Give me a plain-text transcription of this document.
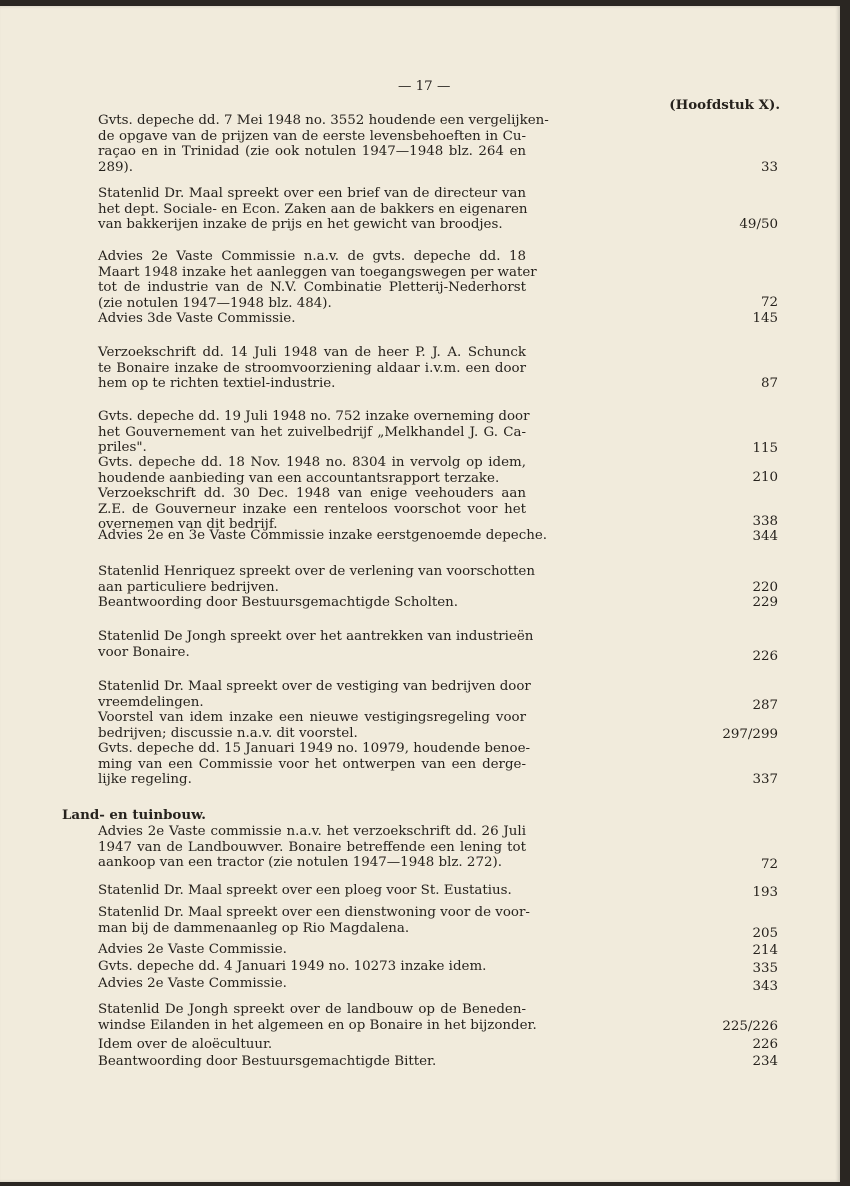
— 17 —
(Hoofdstuk X).
Gvts. depeche dd. 7 Mei 1948 no. 3552 houdende een vergelijken-
de opgave van de prijzen van de eerste levensbehoeften in Cu-
raçao en in Trinidad (zie ook notulen 1947—1948 blz. 264 en
289).	33
Statenlid Dr. Maal spreekt over een brief van de directeur van
het dept. Sociale- en Econ. Zaken aan de bakkers en eigenaren
van bakkerijen inzake de prijs en het gewicht van broodjes.	49/50
Advies 2e Vaste Commissie n.a.v. de gvts. depeche dd. 18
Maart 1948 inzake het aanleggen van toegangswegen per water
tot de industrie van de N.V. Combinatie Pletterij-Nederhorst
(zie notulen 1947—1948 blz. 484).	72
Advies 3de Vaste Commissie.	145
Verzoekschrift dd. 14 Juli 1948 van de heer P. J. A. Schunck
te Bonaire inzake de stroomvoorziening aldaar i.v.m. een door
hem op te richten textiel-industrie.	87
Gvts. depeche dd. 19 Juli 1948 no. 752 inzake overneming door
het Gouvernement van het zuivelbedrijf „Melkhandel J. G. Ca-
priles".	115
Gvts. depeche dd. 18 Nov. 1948 no. 8304 in vervolg op idem,
houdende aanbieding van een accountantsrapport terzake.	210
Verzoekschrift dd. 30 Dec. 1948 van enige veehouders aan
Z.E. de Gouverneur inzake een renteloos voorschot voor het
overnemen van dit bedrijf.	338
Advies 2e en 3e Vaste Commissie inzake eerstgenoemde depeche.	344
Statenlid Henriquez spreekt over de verlening van voorschotten
aan particuliere bedrijven.	220
Beantwoording door Bestuursgemachtigde Scholten.	229
Statenlid De Jongh spreekt over het aantrekken van industrieën
voor Bonaire.	226
Statenlid Dr. Maal spreekt over de vestiging van bedrijven door
vreemdelingen.	287
Voorstel van idem inzake een nieuwe vestigingsregeling voor
bedrijven; discussie n.a.v. dit voorstel.	297/299
Gvts. depeche dd. 15 Januari 1949 no. 10979, houdende benoe-
ming van een Commissie voor het ontwerpen van een derge-
lijke regeling.	337
Land- en tuinbouw.
Advies 2e Vaste commissie n.a.v. het verzoekschrift dd. 26 Juli
1947 van de Landbouwver. Bonaire betreffende een lening tot
aankoop van een tractor (zie notulen 1947—1948 blz. 272).	72
Statenlid Dr. Maal spreekt over een ploeg voor St. Eustatius.	193
Statenlid Dr. Maal spreekt over een dienstwoning voor de voor-
man bij de dammenaanleg op Rio Magdalena.	205
Advies 2e Vaste Commissie.	214
Gvts. depeche dd. 4 Januari 1949 no. 10273 inzake idem.	335
Advies 2e Vaste Commissie.	343
Statenlid De Jongh spreekt over de landbouw op de Beneden-
windse Eilanden in het algemeen en op Bonaire in het bijzonder.	225/226
Idem over de aloëcultuur.	226
Beantwoording door Bestuursgemachtigde Bitter.	234
